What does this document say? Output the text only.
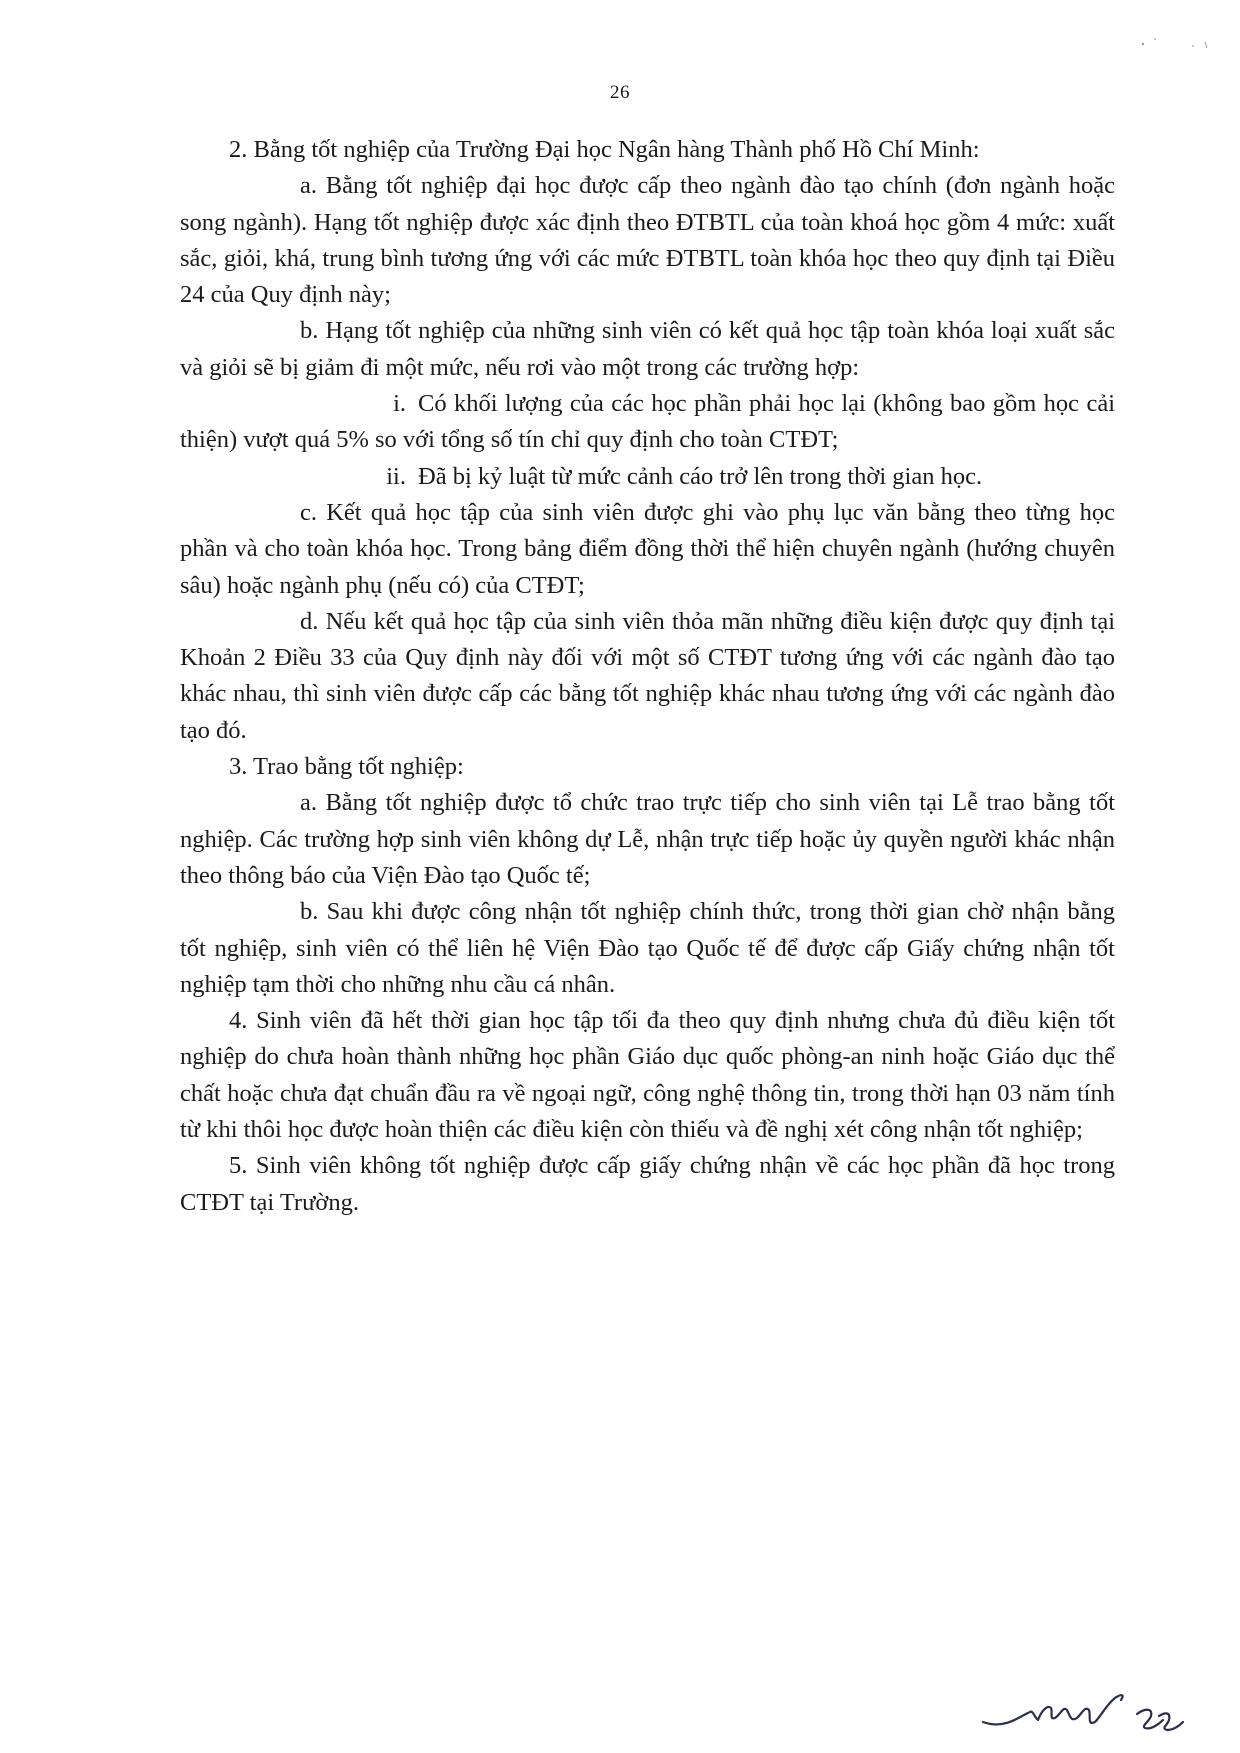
26

2. Bằng tốt nghiệp của Trường Đại học Ngân hàng Thành phố Hồ Chí Minh:

a. Bằng tốt nghiệp đại học được cấp theo ngành đào tạo chính (đơn ngành hoặc song ngành). Hạng tốt nghiệp được xác định theo ĐTBTL của toàn khoá học gồm 4 mức: xuất sắc, giỏi, khá, trung bình tương ứng với các mức ĐTBTL toàn khóa học theo quy định tại Điều 24 của Quy định này;

b. Hạng tốt nghiệp của những sinh viên có kết quả học tập toàn khóa loại xuất sắc và giỏi sẽ bị giảm đi một mức, nếu rơi vào một trong các trường hợp:

i. Có khối lượng của các học phần phải học lại (không bao gồm học cải thiện) vượt quá 5% so với tổng số tín chỉ quy định cho toàn CTĐT;

ii. Đã bị kỷ luật từ mức cảnh cáo trở lên trong thời gian học.

c. Kết quả học tập của sinh viên được ghi vào phụ lục văn bằng theo từng học phần và cho toàn khóa học. Trong bảng điểm đồng thời thể hiện chuyên ngành (hướng chuyên sâu) hoặc ngành phụ (nếu có) của CTĐT;

d. Nếu kết quả học tập của sinh viên thỏa mãn những điều kiện được quy định tại Khoản 2 Điều 33 của Quy định này đối với một số CTĐT tương ứng với các ngành đào tạo khác nhau, thì sinh viên được cấp các bằng tốt nghiệp khác nhau tương ứng với các ngành đào tạo đó.

3. Trao bằng tốt nghiệp:

a. Bằng tốt nghiệp được tổ chức trao trực tiếp cho sinh viên tại Lễ trao bằng tốt nghiệp. Các trường hợp sinh viên không dự Lễ, nhận trực tiếp hoặc ủy quyền người khác nhận theo thông báo của Viện Đào tạo Quốc tế;

b. Sau khi được công nhận tốt nghiệp chính thức, trong thời gian chờ nhận bằng tốt nghiệp, sinh viên có thể liên hệ Viện Đào tạo Quốc tế để được cấp Giấy chứng nhận tốt nghiệp tạm thời cho những nhu cầu cá nhân.

4. Sinh viên đã hết thời gian học tập tối đa theo quy định nhưng chưa đủ điều kiện tốt nghiệp do chưa hoàn thành những học phần Giáo dục quốc phòng-an ninh hoặc Giáo dục thể chất hoặc chưa đạt chuẩn đầu ra về ngoại ngữ, công nghệ thông tin, trong thời hạn 03 năm tính từ khi thôi học được hoàn thiện các điều kiện còn thiếu và đề nghị xét công nhận tốt nghiệp;

5. Sinh viên không tốt nghiệp được cấp giấy chứng nhận về các học phần đã học trong CTĐT tại Trường.
